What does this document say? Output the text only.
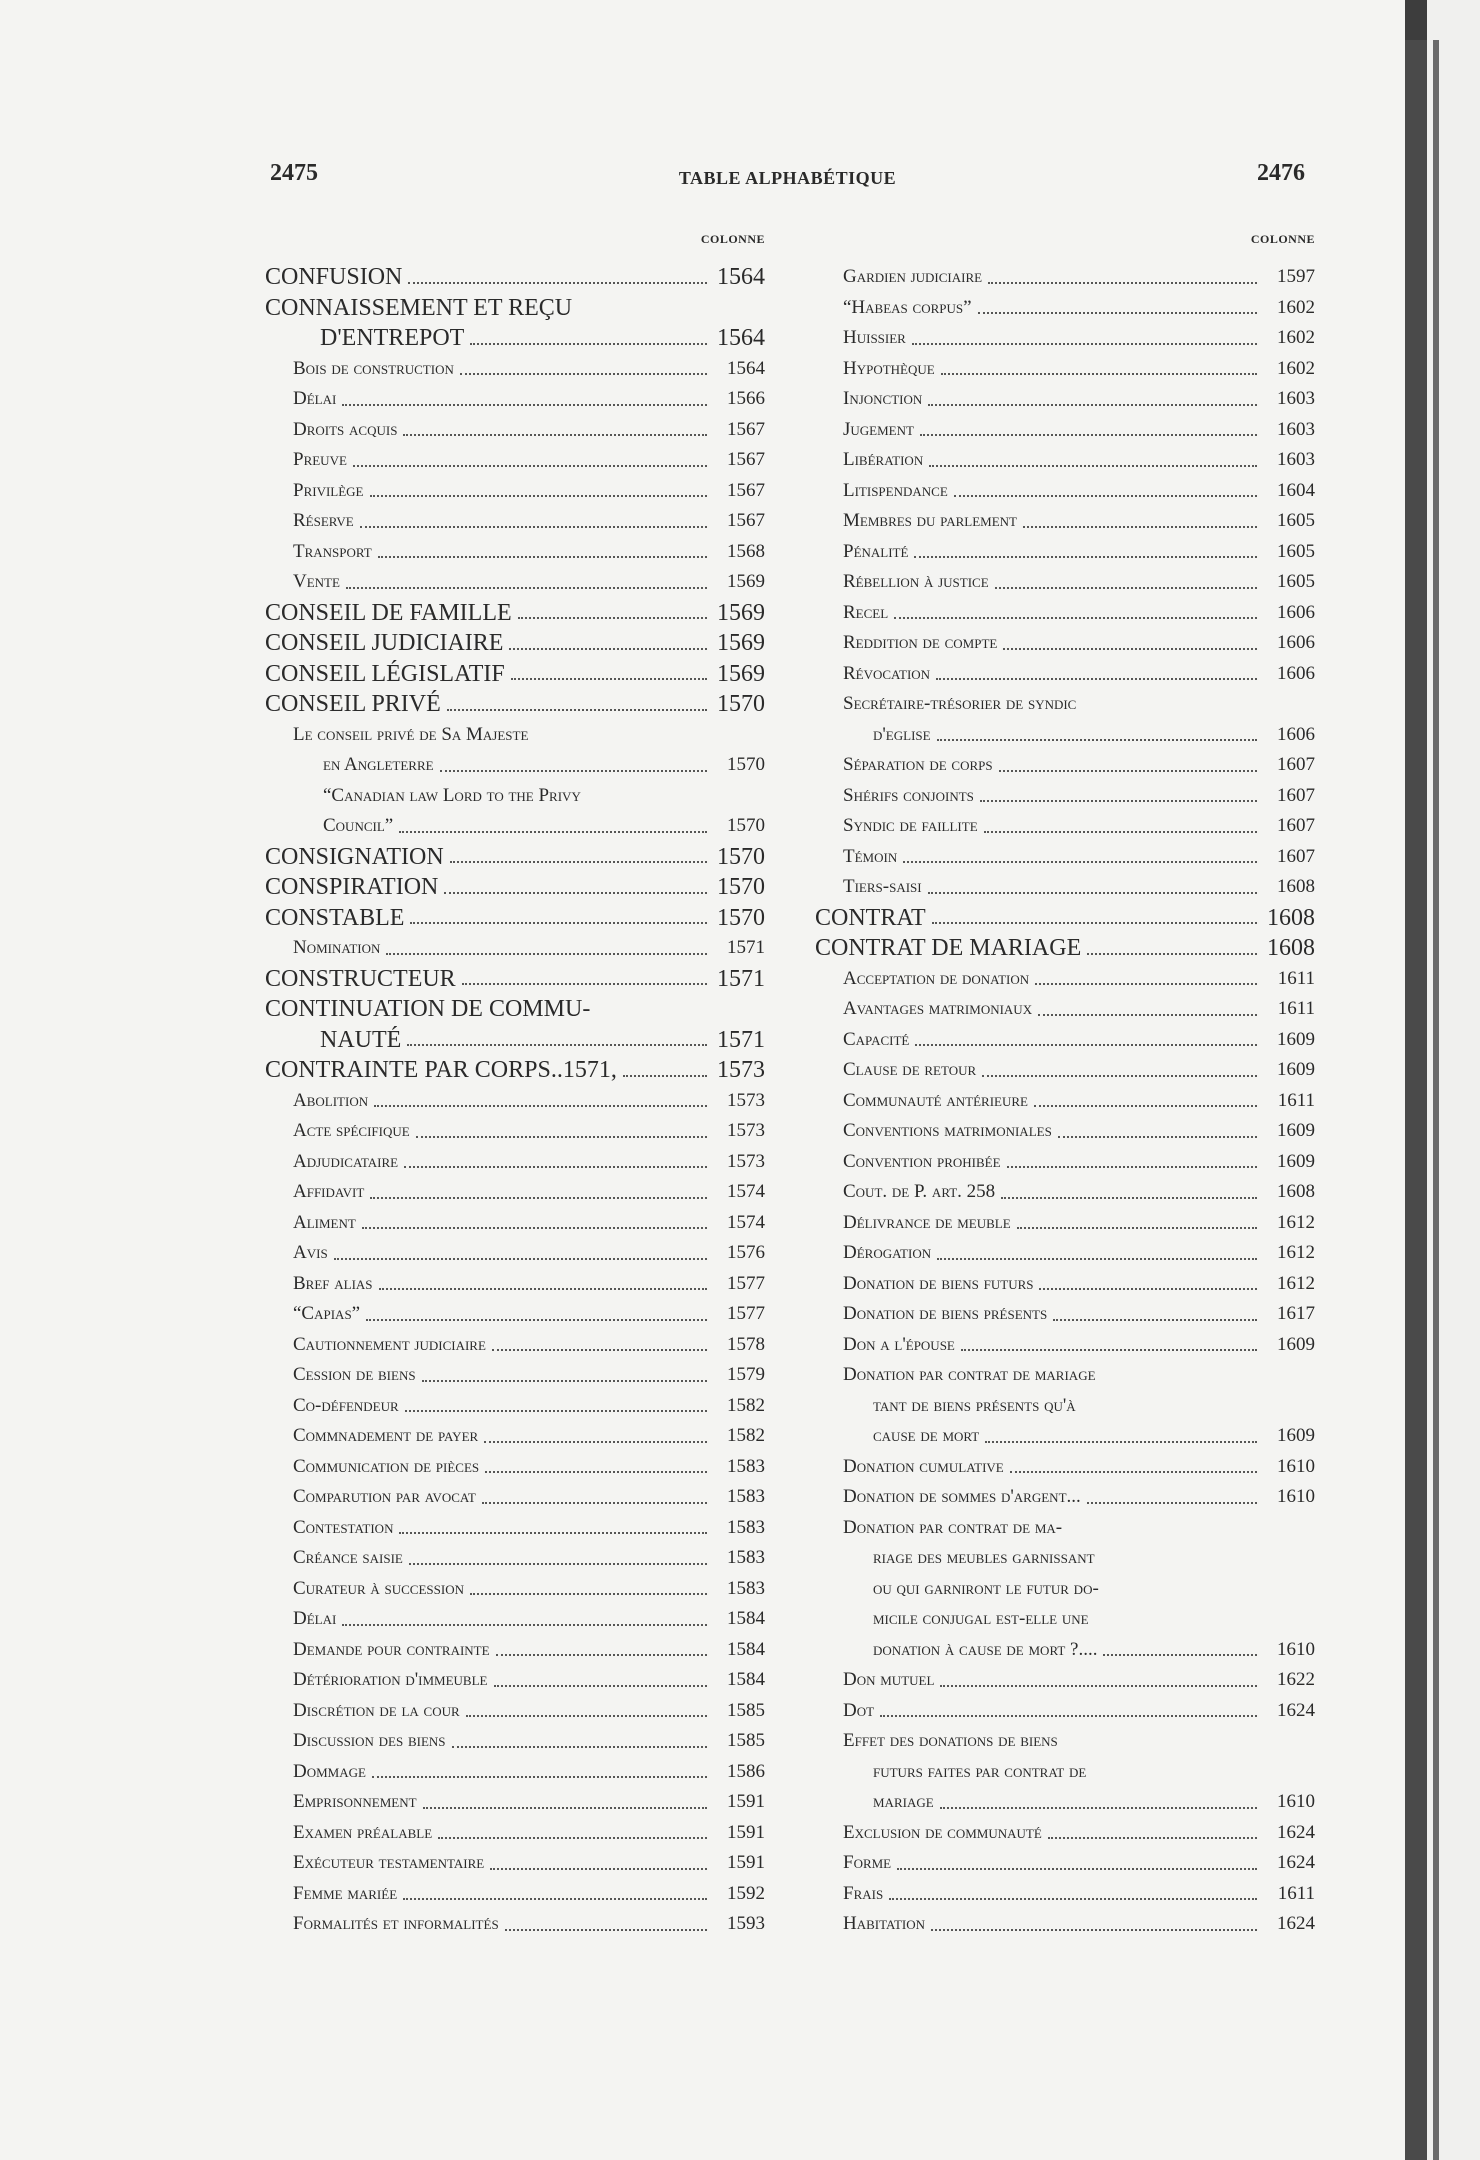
2475	TABLE ALPHABÉTIQUE	2476
COLONNE
CONFUSION	1564
CONNAISSEMENT ET REÇU
D'ENTREPOT	1564
Bois de construction	1564
Délai	1566
Droits acquis	1567
Preuve	1567
Privilège	1567
Réserve	1567
Transport	1568
Vente	1569
CONSEIL DE FAMILLE	1569
CONSEIL JUDICIAIRE	1569
CONSEIL LÉGISLATIF	1569
CONSEIL PRIVÉ	1570
Le conseil privé de Sa Majeste
en Angleterre	1570
“Canadian law Lord to the Privy
Council”	1570
CONSIGNATION	1570
CONSPIRATION	1570
CONSTABLE	1570
Nomination	1571
CONSTRUCTEUR	1571
CONTINUATION DE COMMU-
NAUTÉ	1571
CONTRAINTE PAR CORPS..1571,	1573
Abolition	1573
Acte spécifique	1573
Adjudicataire	1573
Affidavit	1574
Aliment	1574
Avis	1576
Bref alias	1577
“Capias”	1577
Cautionnement judiciaire	1578
Cession de biens	1579
Co-défendeur	1582
Commnadement de payer	1582
Communication de pièces	1583
Comparution par avocat	1583
Contestation	1583
Créance saisie	1583
Curateur à succession	1583
Délai	1584
Demande pour contrainte	1584
Détérioration d'immeuble	1584
Discrétion de la cour	1585
Discussion des biens	1585
Dommage	1586
Emprisonnement	1591
Examen préalable	1591
Exécuteur testamentaire	1591
Femme mariée	1592
Formalités et informalités	1593
COLONNE
Gardien judiciaire	1597
“Habeas corpus”	1602
Huissier	1602
Hypothèque	1602
Injonction	1603
Jugement	1603
Libération	1603
Litispendance	1604
Membres du parlement	1605
Pénalité	1605
Rébellion à justice	1605
Recel	1606
Reddition de compte	1606
Révocation	1606
Secrétaire-trésorier de syndic
d'eglise	1606
Séparation de corps	1607
Shérifs conjoints	1607
Syndic de faillite	1607
Témoin	1607
Tiers-saisi	1608
CONTRAT	1608
CONTRAT DE MARIAGE	1608
Acceptation de donation	1611
Avantages matrimoniaux	1611
Capacité	1609
Clause de retour	1609
Communauté antérieure	1611
Conventions matrimoniales	1609
Convention prohibée	1609
Cout. de P. art. 258	1608
Délivrance de meuble	1612
Dérogation	1612
Donation de biens futurs	1612
Donation de biens présents	1617
Don a l'épouse	1609
Donation par contrat de mariage
tant de biens présents qu'à
cause de mort	1609
Donation cumulative	1610
Donation de sommes d'argent...	1610
Donation par contrat de ma-
riage des meubles garnissant
ou qui garniront le futur do-
micile conjugal est-elle une
donation à cause de mort ?....	1610
Don mutuel	1622
Dot	1624
Effet des donations de biens
futurs faites par contrat de
mariage	1610
Exclusion de communauté	1624
Forme	1624
Frais	1611
Habitation	1624
